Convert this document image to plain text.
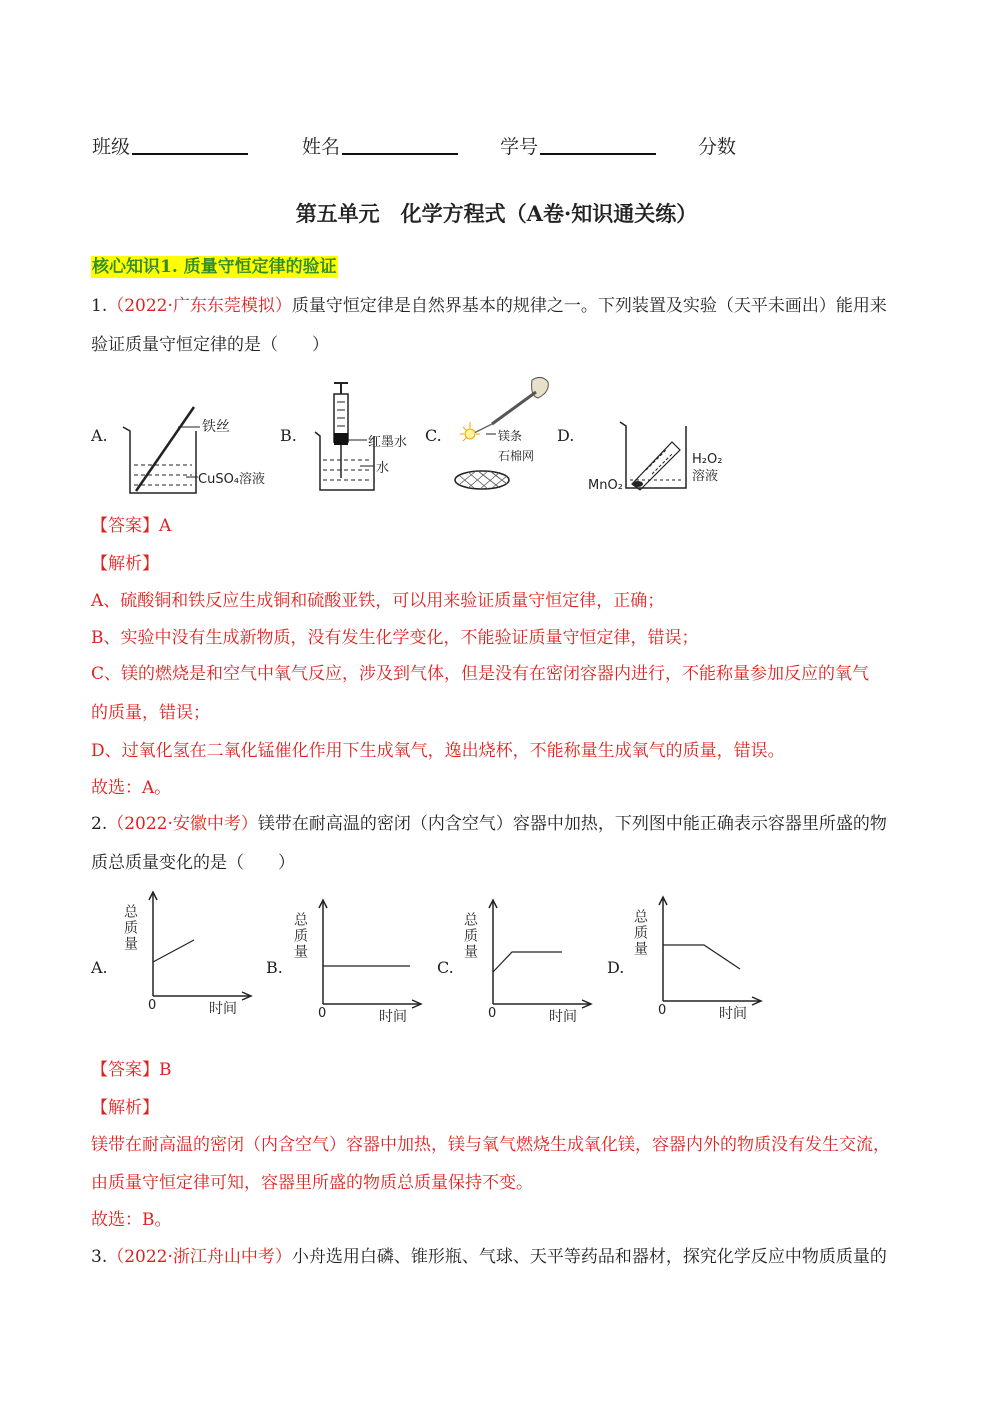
班级	姓名	学号	分数
第五单元　化学方程式（A卷·知识通关练）
核心知识1. 质量守恒定律的验证
1.（2022·广东东莞模拟）质量守恒定律是自然界基本的规律之一。下列装置及实验（天平未画出）能用来
验证质量守恒定律的是（　　）
A.	B.	C.	D.
铁丝
CuSO₄溶液
红墨水
水
镁条
石棉网	H₂O₂
溶液
MnO₂
【答案】A
【解析】
A、硫酸铜和铁反应生成铜和硫酸亚铁，可以用来验证质量守恒定律，正确；
B、实验中没有生成新物质，没有发生化学变化，不能验证质量守恒定律，错误；
C、镁的燃烧是和空气中氧气反应，涉及到气体，但是没有在密闭容器内进行，不能称量参加反应的氧气
的质量，错误；
D、过氧化氢在二氧化锰催化作用下生成氧气，逸出烧杯，不能称量生成氧气的质量，错误。
故选：A。
2.（2022·安徽中考）镁带在耐高温的密闭（内含空气）容器中加热，下列图中能正确表示容器里所盛的物
质总质量变化的是（　　）
A.	B.	C.	D.
总质量
0	时间
总质量
0	时间
总质量
0	时间
总质量
0	时间
【答案】B
【解析】
镁带在耐高温的密闭（内含空气）容器中加热，镁与氧气燃烧生成氧化镁，容器内外的物质没有发生交流，
由质量守恒定律可知，容器里所盛的物质总质量保持不变。
故选：B。
3.（2022·浙江舟山中考）小舟选用白磷、锥形瓶、气球、天平等药品和器材，探究化学反应中物质质量的
